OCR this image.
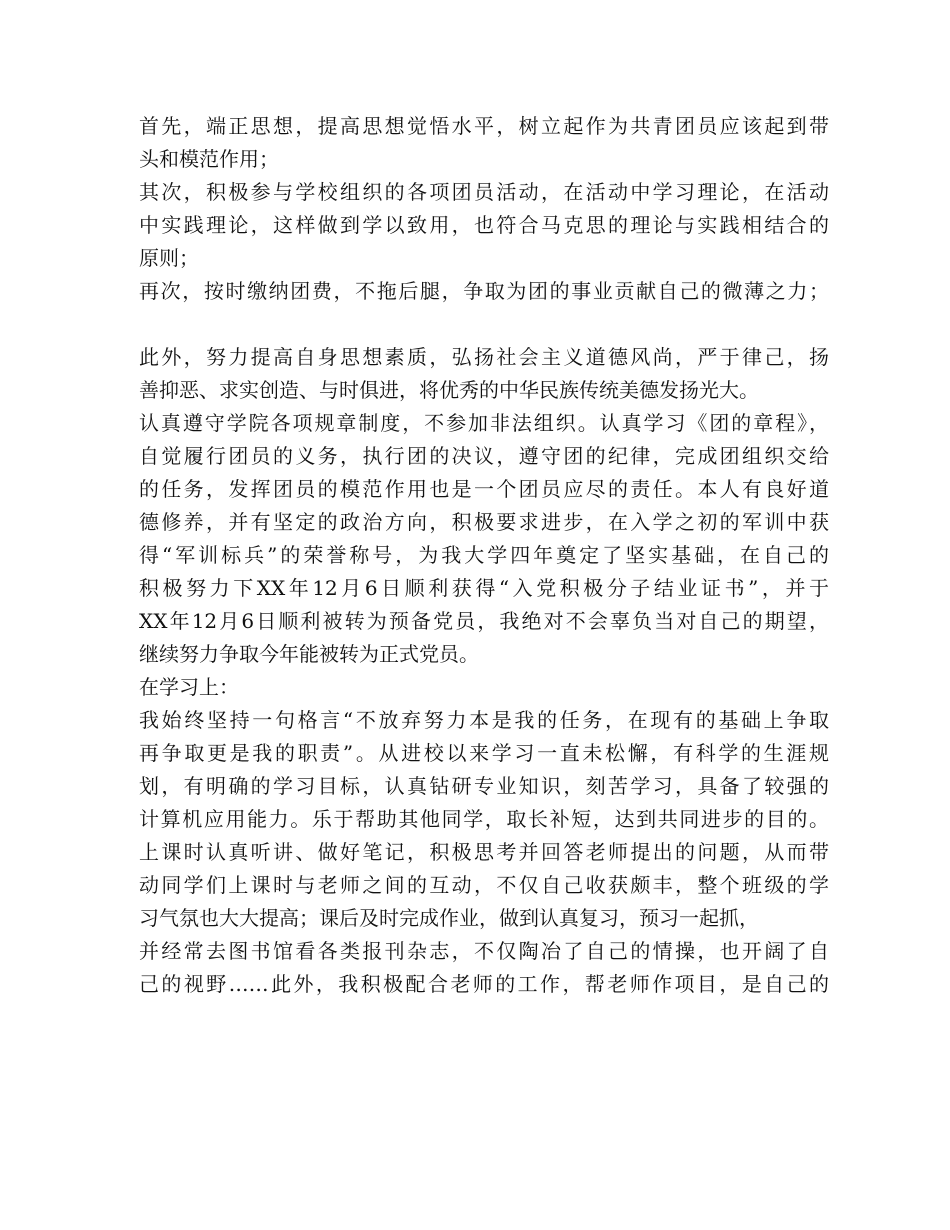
首先，端正思想，提高思想觉悟水平，树立起作为共青团员应该起到带
头和模范作用；
其次，积极参与学校组织的各项团员活动，在活动中学习理论，在活动
中实践理论，这样做到学以致用，也符合马克思的理论与实践相结合的
原则；
再次，按时缴纳团费，不拖后腿，争取为团的事业贡献自己的微薄之力；
此外，努力提高自身思想素质，弘扬社会主义道德风尚，严于律己，扬
善抑恶、求实创造、与时俱进，将优秀的中华民族传统美德发扬光大。
认真遵守学院各项规章制度，不参加非法组织。认真学习《团的章程》，
自觉履行团员的义务，执行团的决议，遵守团的纪律，完成团组织交给
的任务，发挥团员的模范作用也是一个团员应尽的责任。本人有良好道
德修养，并有坚定的政治方向，积极要求进步，在入学之初的军训中获
得“军训标兵”的荣誉称号，为我大学四年奠定了坚实基础，在自己的
积极努力下XX年12月6日顺利获得“入党积极分子结业证书”，并于
XX年12月6日顺利被转为预备党员，我绝对不会辜负当对自己的期望，
继续努力争取今年能被转为正式党员。
在学习上：
我始终坚持一句格言“不放弃努力本是我的任务，在现有的基础上争取
再争取更是我的职责”。从进校以来学习一直未松懈，有科学的生涯规
划，有明确的学习目标，认真钻研专业知识，刻苦学习，具备了较强的
计算机应用能力。乐于帮助其他同学，取长补短，达到共同进步的目的。
上课时认真听讲、做好笔记，积极思考并回答老师提出的问题，从而带
动同学们上课时与老师之间的互动，不仅自己收获颇丰，整个班级的学
习气氛也大大提高；课后及时完成作业，做到认真复习，预习一起抓，
并经常去图书馆看各类报刊杂志，不仅陶冶了自己的情操，也开阔了自
己的视野……此外，我积极配合老师的工作，帮老师作项目，是自己的
